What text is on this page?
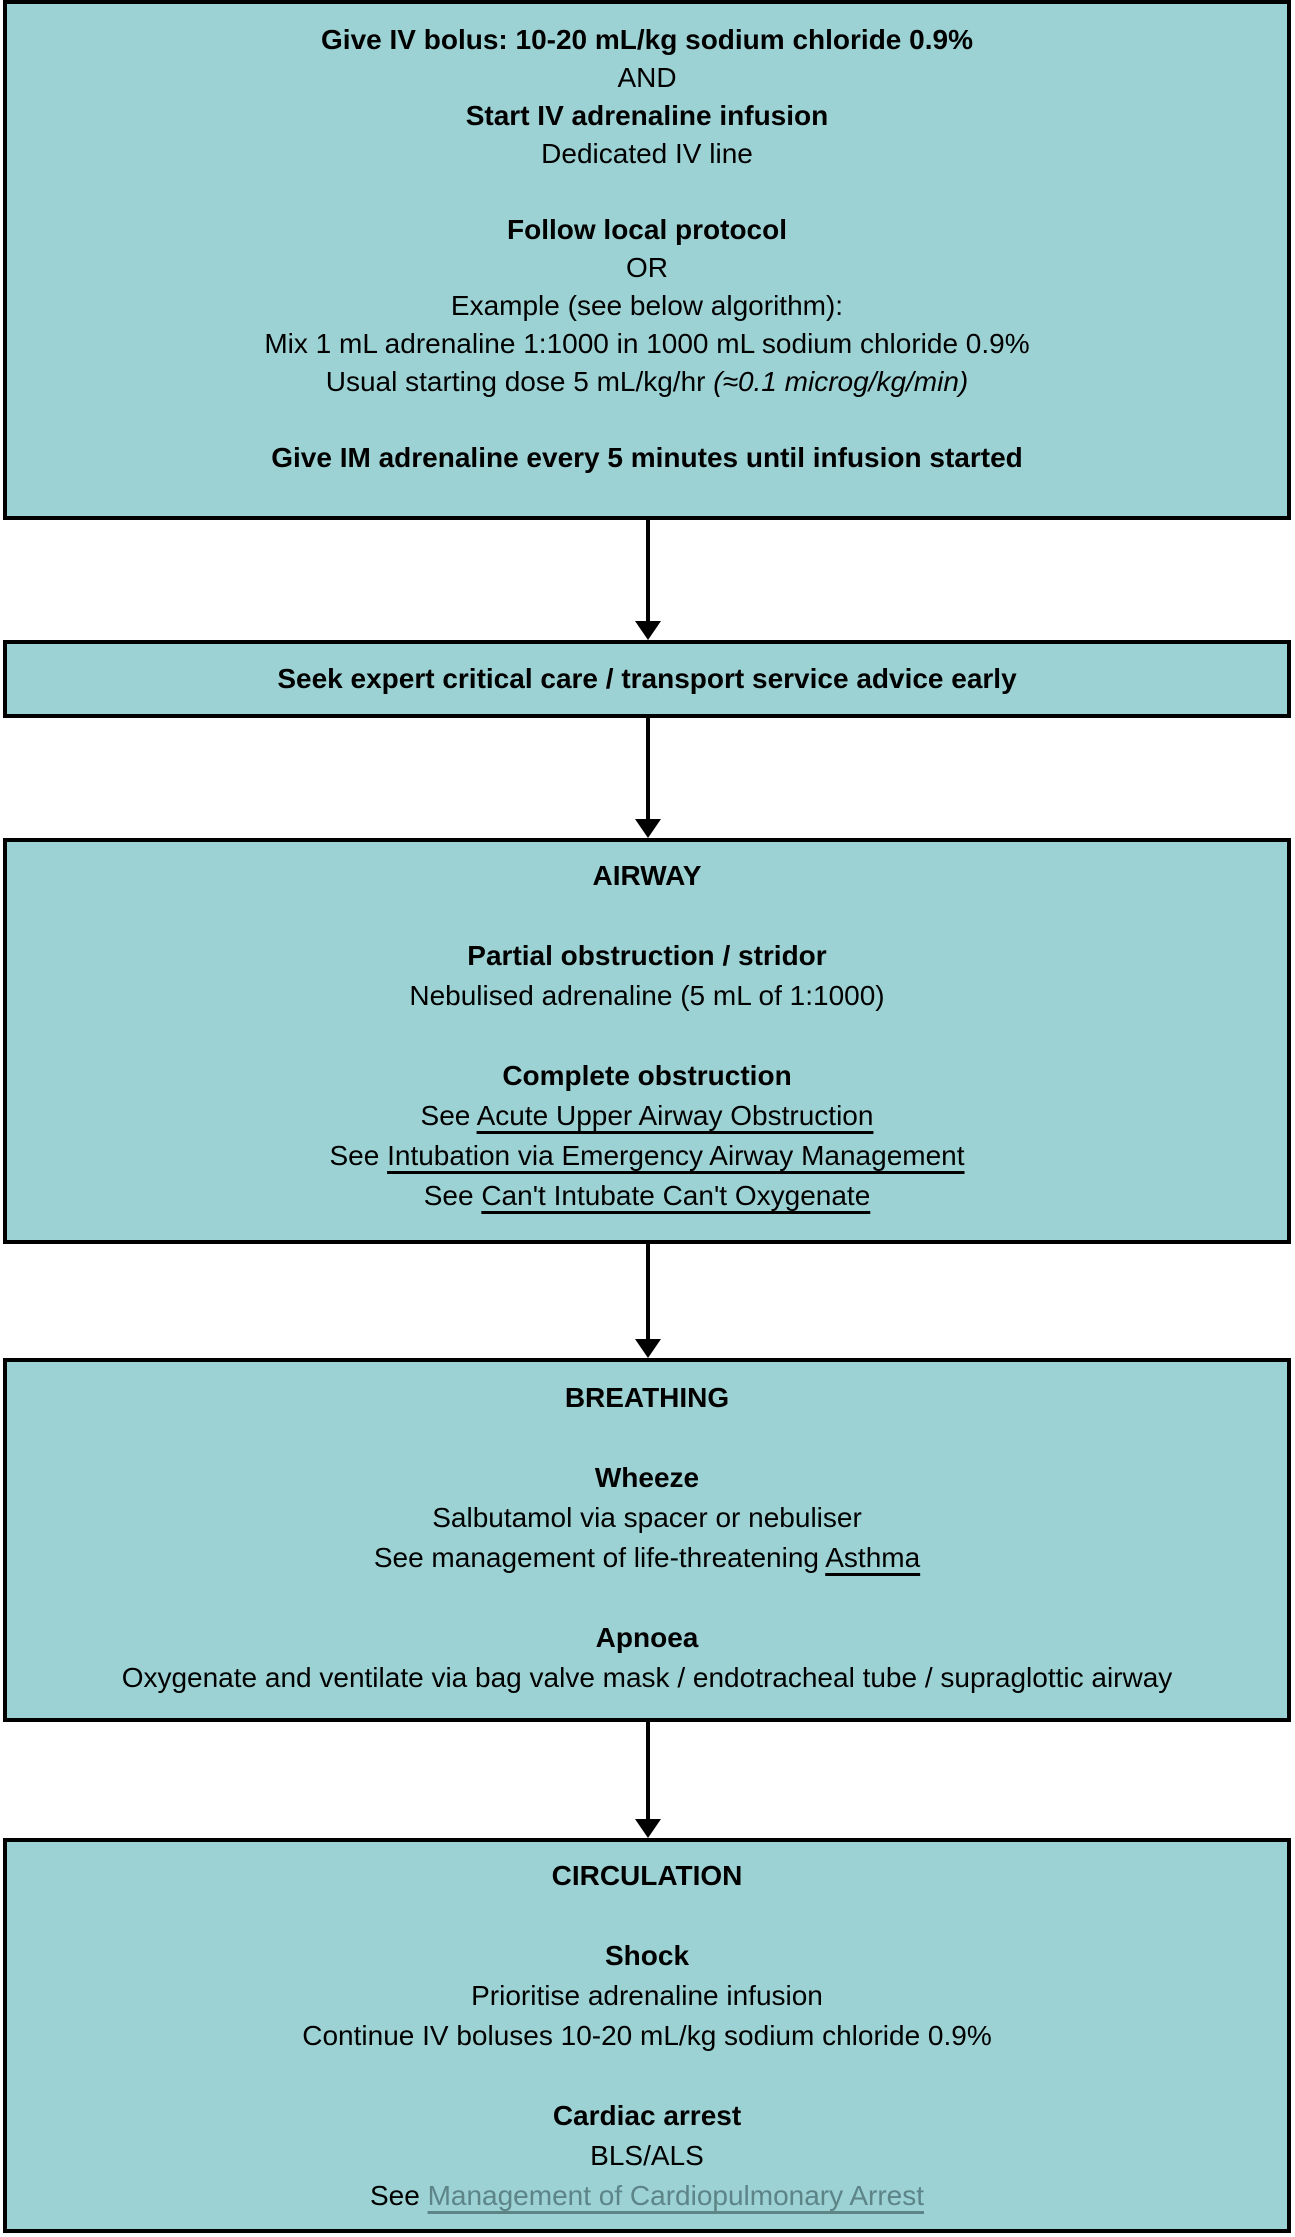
Give IV bolus: 10-20 mL/kg sodium chloride 0.9%
AND
Start IV adrenaline infusion
Dedicated IV line
Follow local protocol
OR
Example (see below algorithm):
Mix 1 mL adrenaline 1:1000 in 1000 mL sodium chloride 0.9%
Usual starting dose 5 mL/kg/hr (≈0.1 microg/kg/min)
Give IM adrenaline every 5 minutes until infusion started
Seek expert critical care / transport service advice early
AIRWAY
Partial obstruction / stridor
Nebulised adrenaline (5 mL of 1:1000)
Complete obstruction
See Acute Upper Airway Obstruction
See Intubation via Emergency Airway Management
See Can't Intubate Can't Oxygenate
BREATHING
Wheeze
Salbutamol via spacer or nebuliser
See management of life-threatening Asthma
Apnoea
Oxygenate and ventilate via bag valve mask / endotracheal tube / supraglottic airway
CIRCULATION
Shock
Prioritise adrenaline infusion
Continue IV boluses 10-20 mL/kg sodium chloride 0.9%
Cardiac arrest
BLS/ALS
See Management of Cardiopulmonary Arrest
